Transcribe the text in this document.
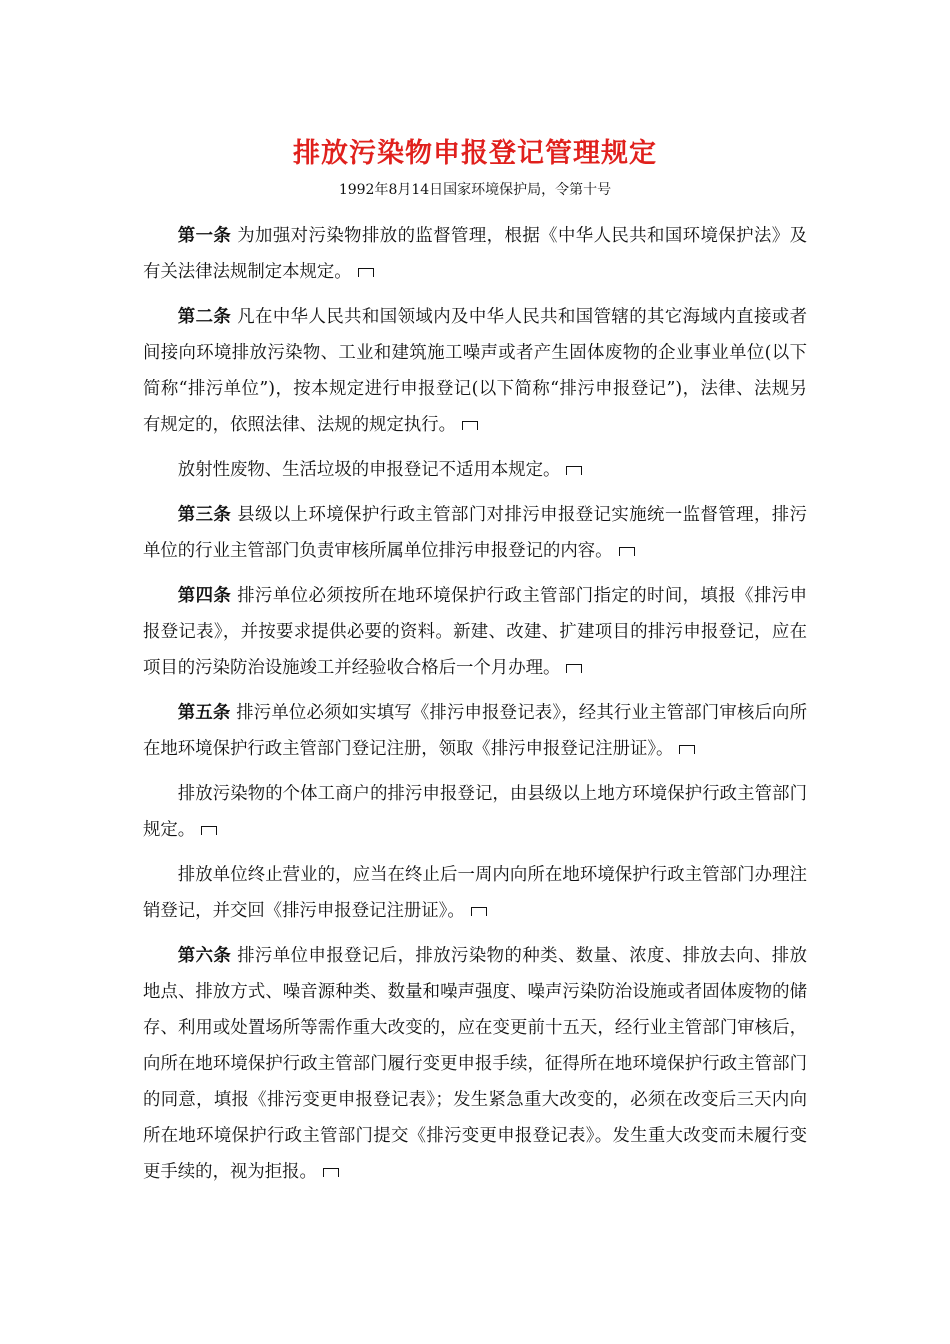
排放污染物申报登记管理规定
1992年8月14日国家环境保护局，令第十号

第一条 为加强对污染物排放的监督管理，根据《中华人民共和国环境保护法》及有关法律法规制定本规定。

第二条 凡在中华人民共和国领域内及中华人民共和国管辖的其它海域内直接或者间接向环境排放污染物、工业和建筑施工噪声或者产生固体废物的企业事业单位(以下简称“排污单位”)，按本规定进行申报登记(以下简称“排污申报登记”)，法律、法规另有规定的，依照法律、法规的规定执行。

放射性废物、生活垃圾的申报登记不适用本规定。

第三条 县级以上环境保护行政主管部门对排污申报登记实施统一监督管理，排污单位的行业主管部门负责审核所属单位排污申报登记的内容。

第四条 排污单位必须按所在地环境保护行政主管部门指定的时间，填报《排污申报登记表》，并按要求提供必要的资料。新建、改建、扩建项目的排污申报登记，应在项目的污染防治设施竣工并经验收合格后一个月办理。

第五条 排污单位必须如实填写《排污申报登记表》，经其行业主管部门审核后向所在地环境保护行政主管部门登记注册，领取《排污申报登记注册证》。

排放污染物的个体工商户的排污申报登记，由县级以上地方环境保护行政主管部门规定。

排放单位终止营业的，应当在终止后一周内向所在地环境保护行政主管部门办理注销登记，并交回《排污申报登记注册证》。

第六条 排污单位申报登记后，排放污染物的种类、数量、浓度、排放去向、排放地点、排放方式、噪音源种类、数量和噪声强度、噪声污染防治设施或者固体废物的储存、利用或处置场所等需作重大改变的，应在变更前十五天，经行业主管部门审核后，向所在地环境保护行政主管部门履行变更申报手续，征得所在地环境保护行政主管部门的同意，填报《排污变更申报登记表》；发生紧急重大改变的，必须在改变后三天内向所在地环境保护行政主管部门提交《排污变更申报登记表》。发生重大改变而未履行变更手续的，视为拒报。
